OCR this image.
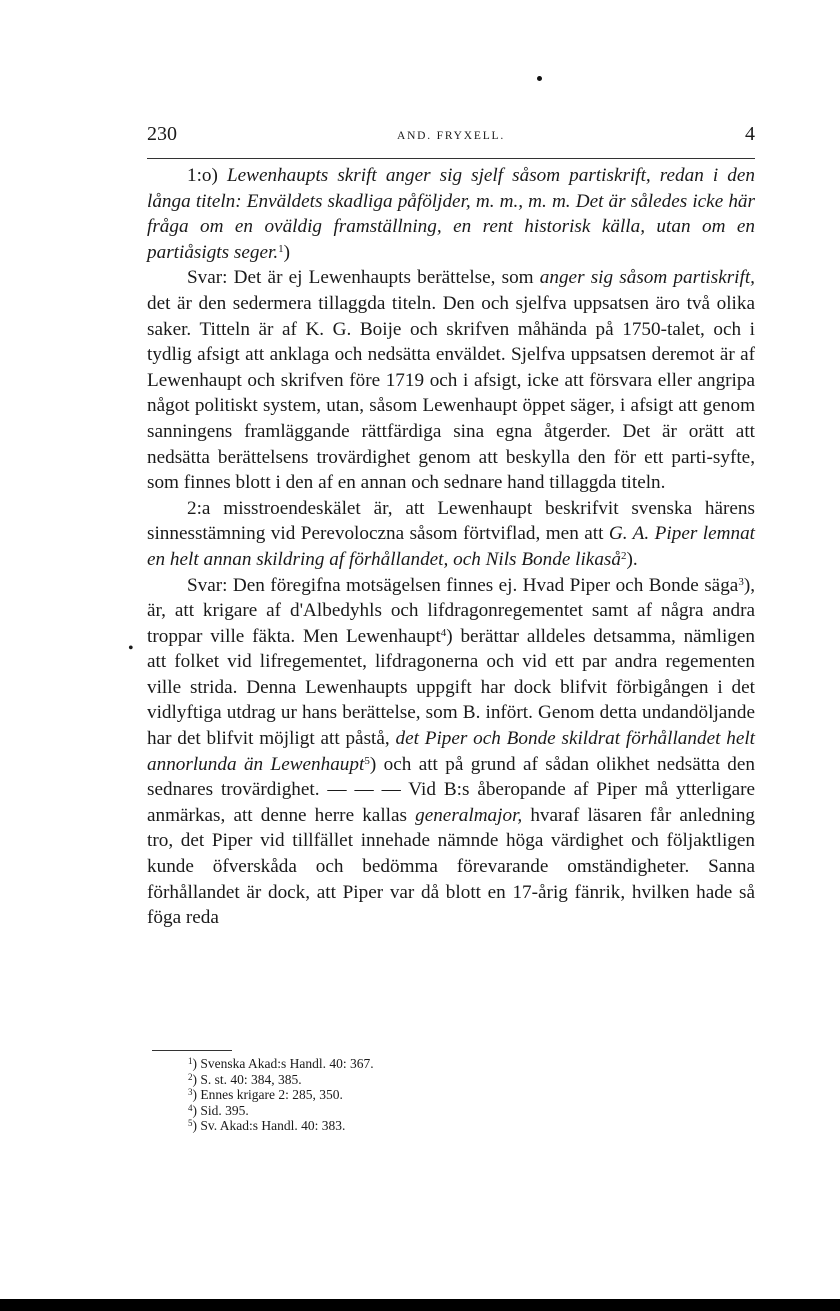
230	AND. FRYXELL.	4

1:o) Lewenhaupts skrift anger sig sjelf såsom partiskrift, redan i den långa titeln: Enväldets skadliga påföljder, m. m., m. m. Det är således icke här fråga om en oväldig framställning, en rent historisk källa, utan om en partiåsigts seger.$^1$)

Svar: Det är ej Lewenhaupts berättelse, som anger sig såsom partiskrift, det är den sedermera tillaggda titeln. Den och sjelfva uppsatsen äro två olika saker. Titteln är af K. G. Boije och skrifven måhända på 1750-talet, och i tydlig afsigt att anklaga och nedsätta enväldet. Sjelfva uppsatsen deremot är af Lewenhaupt och skrifven före 1719 och i afsigt, icke att försvara eller angripa något politiskt system, utan, såsom Lewenhaupt öppet säger, i afsigt att genom sanningens framläggande rättfärdiga sina egna åtgerder. Det är orätt att nedsätta berättelsens trovärdighet genom att beskylla den för ett parti-syfte, som finnes blott i den af en annan och sednare hand tillaggda titeln.

2:a misstroendeskälet är, att Lewenhaupt beskrifvit svenska härens sinnesstämning vid Perevoloczna såsom förtviflad, men att G. A. Piper lemnat en helt annan skildring af förhållandet, och Nils Bonde likaså$^2$).

Svar: Den föregifna motsägelsen finnes ej. Hvad Piper och Bonde säga$^3$), är, att krigare af d'Albedyhls och lifdragonregementet samt af några andra troppar ville fäkta. Men Lewenhaupt$^4$) berättar alldeles detsamma, nämligen att folket vid lifregementet, lifdragonerna och vid ett par andra regementen ville strida. Denna Lewenhaupts uppgift har dock blifvit förbigången i det vidlyftiga utdrag ur hans berättelse, som B. infört. Genom detta undandöljande har det blifvit möjligt att påstå, det Piper och Bonde skildrat förhållandet helt annorlunda än Lewenhaupt$^5$) och att på grund af sådan olikhet nedsätta den sednares trovärdighet. — — — Vid B:s åberopande af Piper må ytterligare anmärkas, att denne herre kallas generalmajor, hvaraf läsaren får anledning tro, det Piper vid tillfället innehade nämnde höga värdighet och följaktligen kunde öfverskåda och bedömma förevarande omständigheter. Sanna förhållandet är dock, att Piper var då blott en 17-årig fänrik, hvilken hade så föga reda

•
$^1$) Svenska Akad:s Handl. 40: 367.
$^2$) S. st. 40: 384, 385.
$^3$) Ennes krigare 2: 285, 350.
$^4$) Sid. 395.
$^5$) Sv. Akad:s Handl. 40: 383.
